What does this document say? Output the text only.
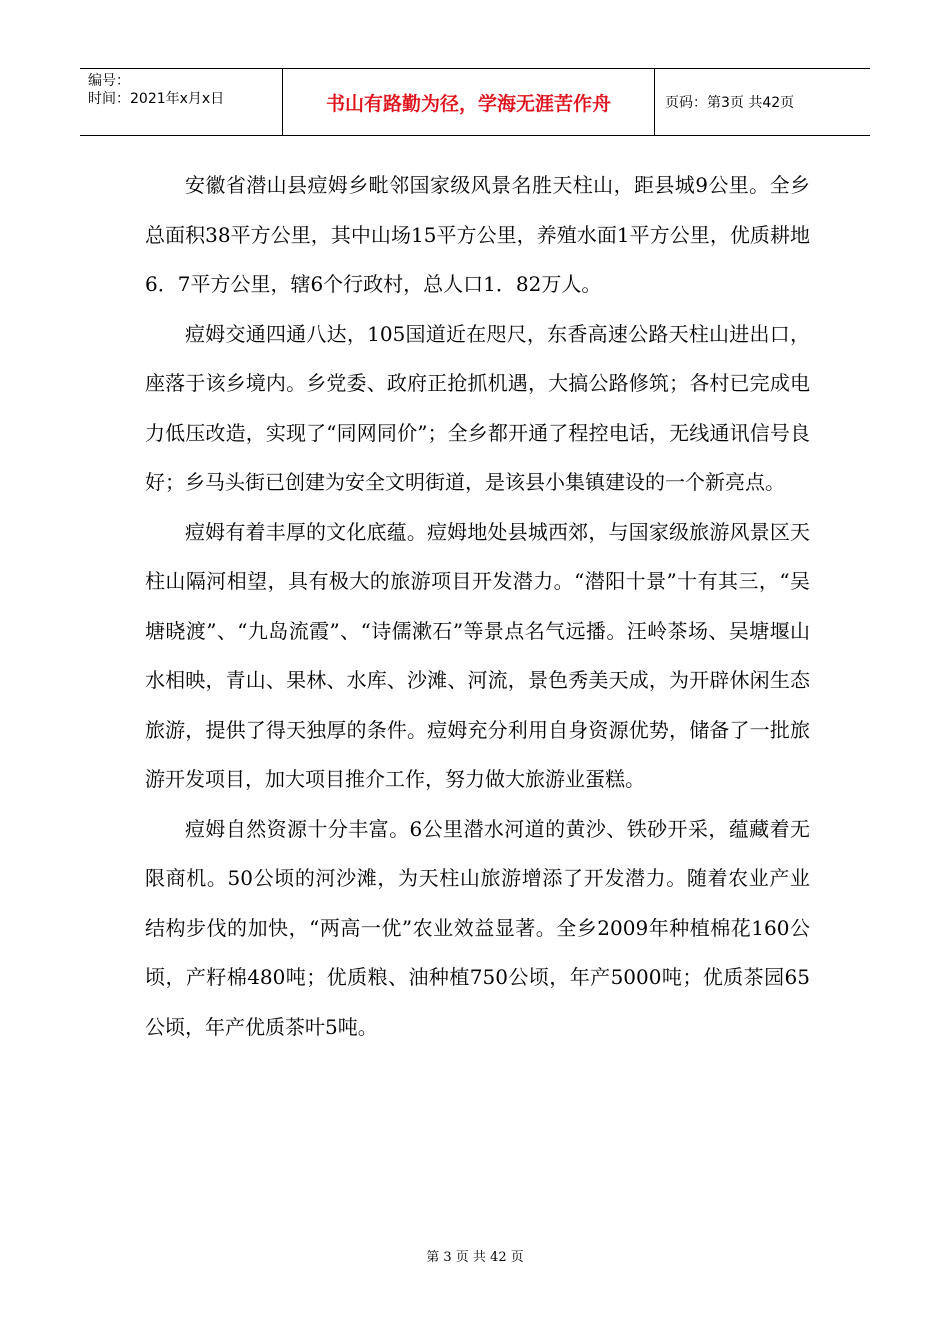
编号：
时间：2021年x月x日	书山有路勤为径，学海无涯苦作舟	页码：第3页 共42页

安徽省潜山县痘姆乡毗邻国家级风景名胜天柱山，距县城9公里。全乡总面积38平方公里，其中山场15平方公里，养殖水面1平方公里，优质耕地6．7平方公里，辖6个行政村，总人口1．82万人。

痘姆交通四通八达，105国道近在咫尺，东香高速公路天柱山进出口，座落于该乡境内。乡党委、政府正抢抓机遇，大搞公路修筑；各村已完成电力低压改造，实现了“同网同价”；全乡都开通了程控电话，无线通讯信号良好；乡马头街已创建为安全文明街道，是该县小集镇建设的一个新亮点。

痘姆有着丰厚的文化底蕴。痘姆地处县城西郊，与国家级旅游风景区天柱山隔河相望，具有极大的旅游项目开发潜力。“潜阳十景”十有其三，“吴塘晓渡”、“九岛流霞”、“诗儒漱石”等景点名气远播。汪岭茶场、吴塘堰山水相映，青山、果林、水库、沙滩、河流，景色秀美天成，为开辟休闲生态旅游，提供了得天独厚的条件。痘姆充分利用自身资源优势，储备了一批旅游开发项目，加大项目推介工作，努力做大旅游业蛋糕。

痘姆自然资源十分丰富。6公里潜水河道的黄沙、铁砂开采，蕴藏着无限商机。50公顷的河沙滩，为天柱山旅游增添了开发潜力。随着农业产业结构步伐的加快，“两高一优”农业效益显著。全乡2009年种植棉花160公顷，产籽棉480吨；优质粮、油种植750公顷，年产5000吨；优质茶园65公顷，年产优质茶叶5吨。

第 3 页 共 42 页
